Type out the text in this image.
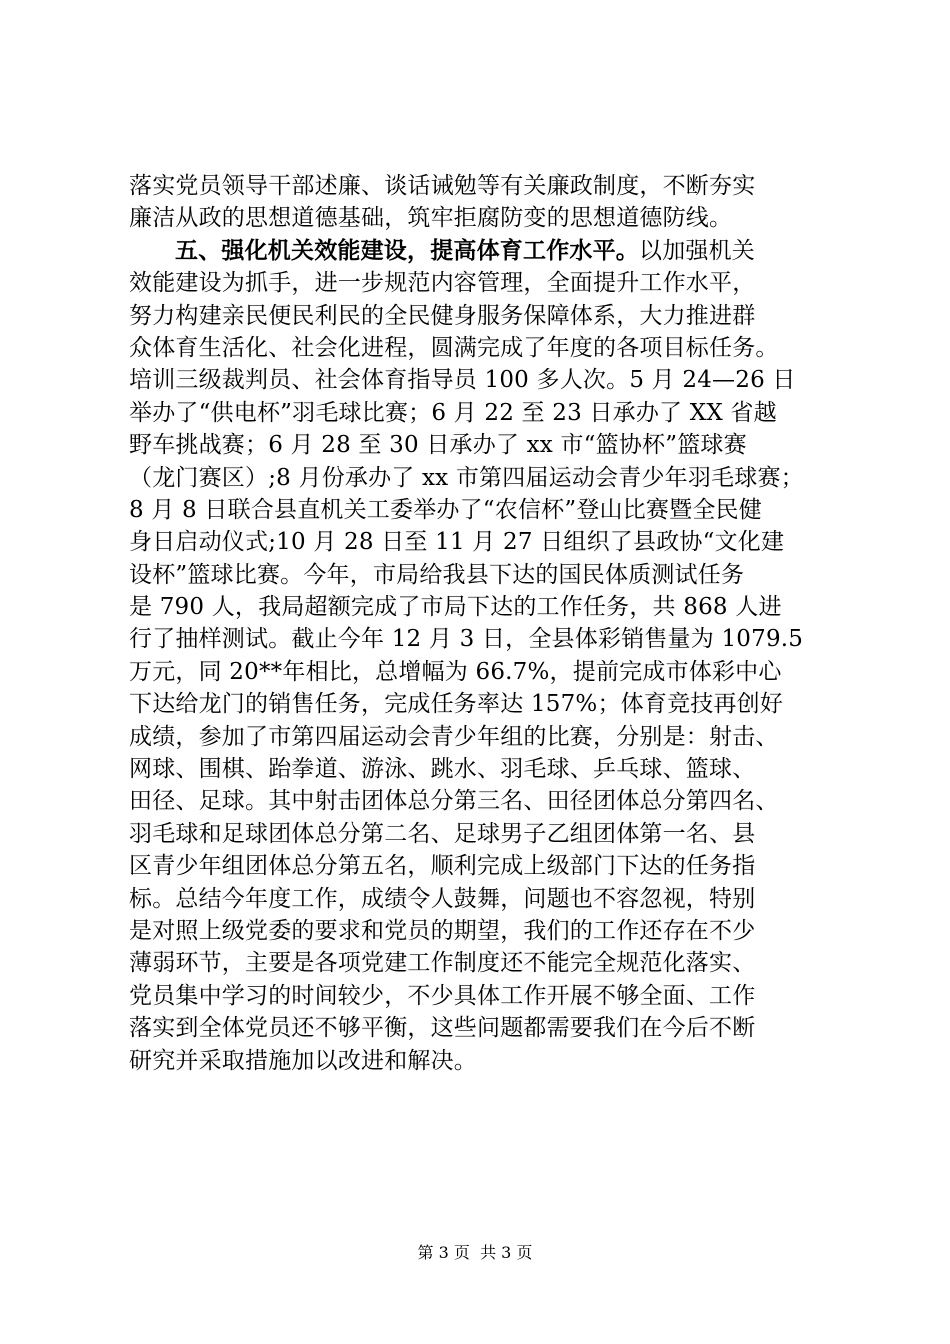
落实党员领导干部述廉、谈话诫勉等有关廉政制度，不断夯实
廉洁从政的思想道德基础，筑牢拒腐防变的思想道德防线。
五、强化机关效能建设，提高体育工作水平。以加强机关
效能建设为抓手，进一步规范内容管理，全面提升工作水平，
努力构建亲民便民利民的全民健身服务保障体系，大力推进群
众体育生活化、社会化进程，圆满完成了年度的各项目标任务。
培训三级裁判员、社会体育指导员 100 多人次。5 月 24—26 日
举办了“供电杯”羽毛球比赛；6 月 22 至 23 日承办了 XX 省越
野车挑战赛；6 月 28 至 30 日承办了 xx 市“篮协杯”篮球赛
（龙门赛区）;8 月份承办了 xx 市第四届运动会青少年羽毛球赛；
8 月 8 日联合县直机关工委举办了“农信杯”登山比赛暨全民健
身日启动仪式;10 月 28 日至 11 月 27 日组织了县政协“文化建
设杯”篮球比赛。今年，市局给我县下达的国民体质测试任务
是 790 人，我局超额完成了市局下达的工作任务，共 868 人进
行了抽样测试。截止今年 12 月 3 日，全县体彩销售量为 1079.5
万元，同 20**年相比，总增幅为 66.7%，提前完成市体彩中心
下达给龙门的销售任务，完成任务率达 157%；体育竞技再创好
成绩，参加了市第四届运动会青少年组的比赛，分别是：射击、
网球、围棋、跆拳道、游泳、跳水、羽毛球、乒乓球、篮球、
田径、足球。其中射击团体总分第三名、田径团体总分第四名、
羽毛球和足球团体总分第二名、足球男子乙组团体第一名、县
区青少年组团体总分第五名，顺利完成上级部门下达的任务指
标。总结今年度工作，成绩令人鼓舞，问题也不容忽视，特别
是对照上级党委的要求和党员的期望，我们的工作还存在不少
薄弱环节，主要是各项党建工作制度还不能完全规范化落实、
党员集中学习的时间较少，不少具体工作开展不够全面、工作
落实到全体党员还不够平衡，这些问题都需要我们在今后不断
研究并采取措施加以改进和解决。
第 3 页  共 3 页
